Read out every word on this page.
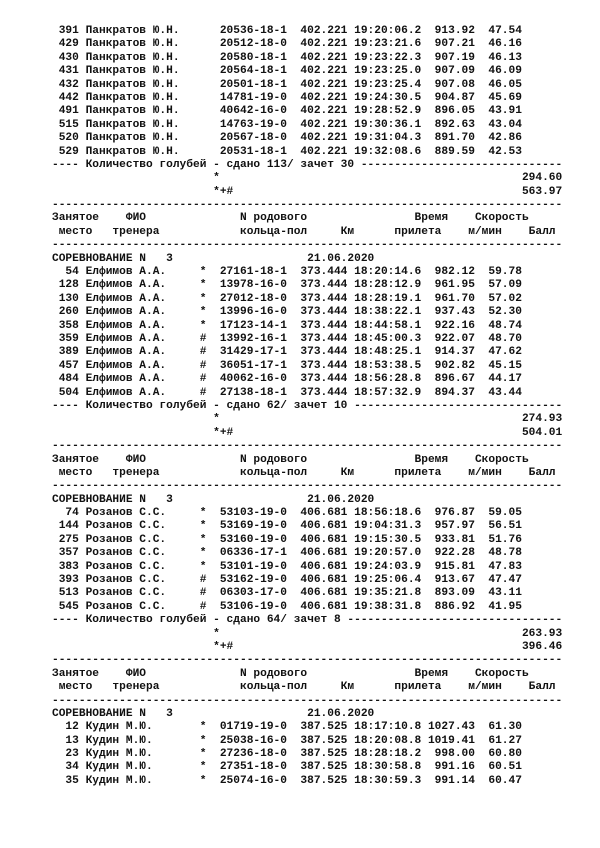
391 Панкратов Ю.Н.      20536-18-1  402.221 19:20:06.2  913.92  47.54
429 Панкратов Ю.Н.      20512-18-0  402.221 19:23:21.6  907.21  46.16
430 Панкратов Ю.Н.      20580-18-1  402.221 19:23:22.3  907.19  46.13
431 Панкратов Ю.Н.      20564-18-1  402.221 19:23:25.0  907.09  46.09
432 Панкратов Ю.Н.      20501-18-1  402.221 19:23:25.4  907.08  46.05
442 Панкратов Ю.Н.      14781-19-0  402.221 19:24:30.5  904.87  45.69
491 Панкратов Ю.Н.      40642-16-0  402.221 19:28:52.9  896.05  43.91
515 Панкратов Ю.Н.      14763-19-0  402.221 19:30:36.1  892.63  43.04
520 Панкратов Ю.Н.      20567-18-0  402.221 19:31:04.3  891.70  42.86
529 Панкратов Ю.Н.      20531-18-1  402.221 19:32:08.6  889.59  42.53
---- Количество голубей - сдано 113/ зачет 30 ------------------------------
*                                             294.60
*+#                                           563.97
----------------------------------------------------------------------------
Занятое    ФИО              N родового                Время    Скорость
место   тренера            кольца-пол     Км      прилета    м/мин    Балл
----------------------------------------------------------------------------
СОРЕВНОВАНИЕ N   3                    21.06.2020
54 Елфимов А.А.     *  27161-18-1  373.444 18:20:14.6  982.12  59.78
128 Елфимов А.А.     *  13978-16-0  373.444 18:28:12.9  961.95  57.09
130 Елфимов А.А.     *  27012-18-0  373.444 18:28:19.1  961.70  57.02
260 Елфимов А.А.     *  13996-16-0  373.444 18:38:22.1  937.43  52.30
358 Елфимов А.А.     *  17123-14-1  373.444 18:44:58.1  922.16  48.74
359 Елфимов А.А.     #  13992-16-1  373.444 18:45:00.3  922.07  48.70
389 Елфимов А.А.     #  31429-17-1  373.444 18:48:25.1  914.37  47.62
457 Елфимов А.А.     #  36051-17-1  373.444 18:53:38.5  902.82  45.15
484 Елфимов А.А.     #  40062-16-0  373.444 18:56:28.8  896.67  44.17
504 Елфимов А.А.     #  27138-18-1  373.444 18:57:32.9  894.37  43.44
---- Количество голубей - сдано 62/ зачет 10 -------------------------------
*                                             274.93
*+#                                           504.01
----------------------------------------------------------------------------
Занятое    ФИО              N родового                Время    Скорость
место   тренера            кольца-пол     Км      прилета    м/мин    Балл
----------------------------------------------------------------------------
СОРЕВНОВАНИЕ N   3                    21.06.2020
74 Розанов С.С.     *  53103-19-0  406.681 18:56:18.6  976.87  59.05
144 Розанов С.С.     *  53169-19-0  406.681 19:04:31.3  957.97  56.51
275 Розанов С.С.     *  53160-19-0  406.681 19:15:30.5  933.81  51.76
357 Розанов С.С.     *  06336-17-1  406.681 19:20:57.0  922.28  48.78
383 Розанов С.С.     *  53101-19-0  406.681 19:24:03.9  915.81  47.83
393 Розанов С.С.     #  53162-19-0  406.681 19:25:06.4  913.67  47.47
513 Розанов С.С.     #  06303-17-0  406.681 19:35:21.8  893.09  43.11
545 Розанов С.С.     #  53106-19-0  406.681 19:38:31.8  886.92  41.95
---- Количество голубей - сдано 64/ зачет 8 --------------------------------
*                                             263.93
*+#                                           396.46
----------------------------------------------------------------------------
Занятое    ФИО              N родового                Время    Скорость
место   тренера            кольца-пол     Км      прилета    м/мин    Балл
----------------------------------------------------------------------------
СОРЕВНОВАНИЕ N   3                    21.06.2020
12 Кудин М.Ю.       *  01719-19-0  387.525 18:17:10.8 1027.43  61.30
13 Кудин М.Ю.       *  25038-16-0  387.525 18:20:08.8 1019.41  61.27
23 Кудин М.Ю.       *  27236-18-0  387.525 18:28:18.2  998.00  60.80
34 Кудин М.Ю.       *  27351-18-0  387.525 18:30:58.8  991.16  60.51
35 Кудин М.Ю.       *  25074-16-0  387.525 18:30:59.3  991.14  60.47
